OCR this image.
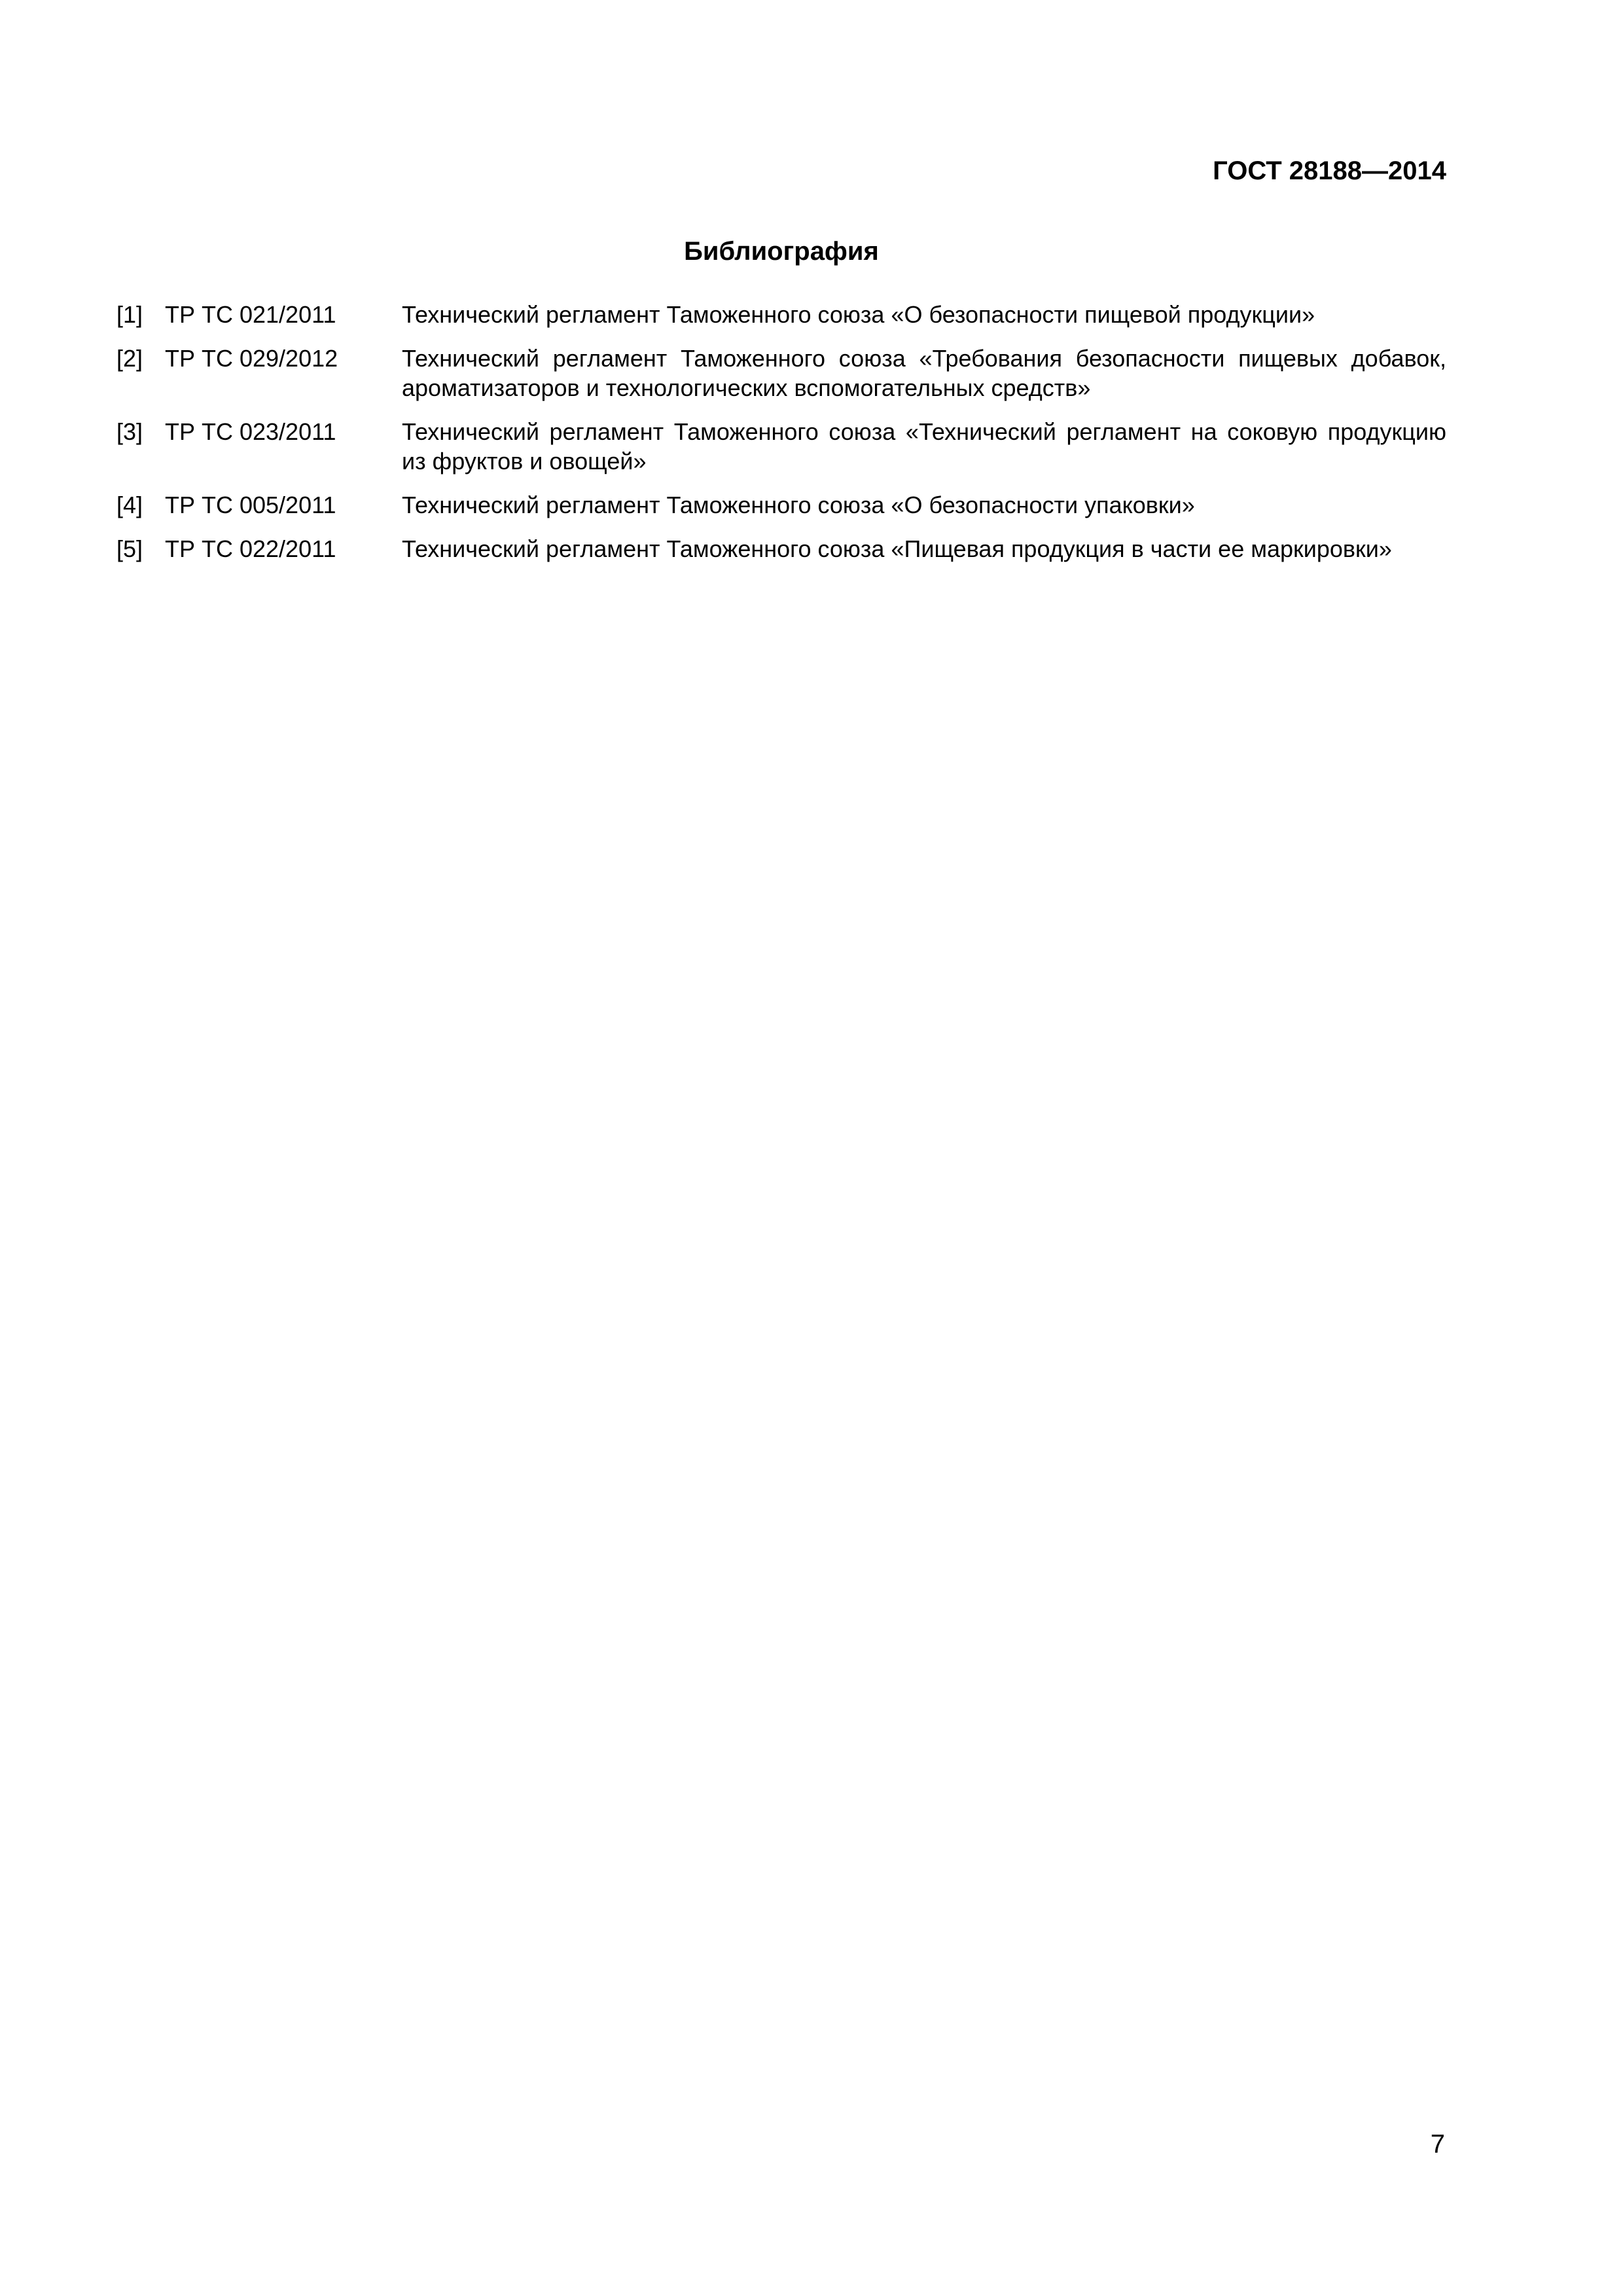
ГОСТ 28188—2014
Библиография
[1] ТР ТС 021/2011	Технический регламент Таможенного союза «О безопасности пищевой продукции»
[2] ТР ТС 029/2012	Технический регламент Таможенного союза «Требования безопасности пищевых добавок, ароматизаторов и технологических вспомогательных средств»
[3] ТР ТС 023/2011	Технический регламент Таможенного союза «Технический регламент на соковую продукцию из фруктов и овощей»
[4] ТР ТС 005/2011	Технический регламент Таможенного союза «О безопасности упаковки»
[5] ТР ТС 022/2011	Технический регламент Таможенного союза «Пищевая продукция в части ее маркировки»
7
